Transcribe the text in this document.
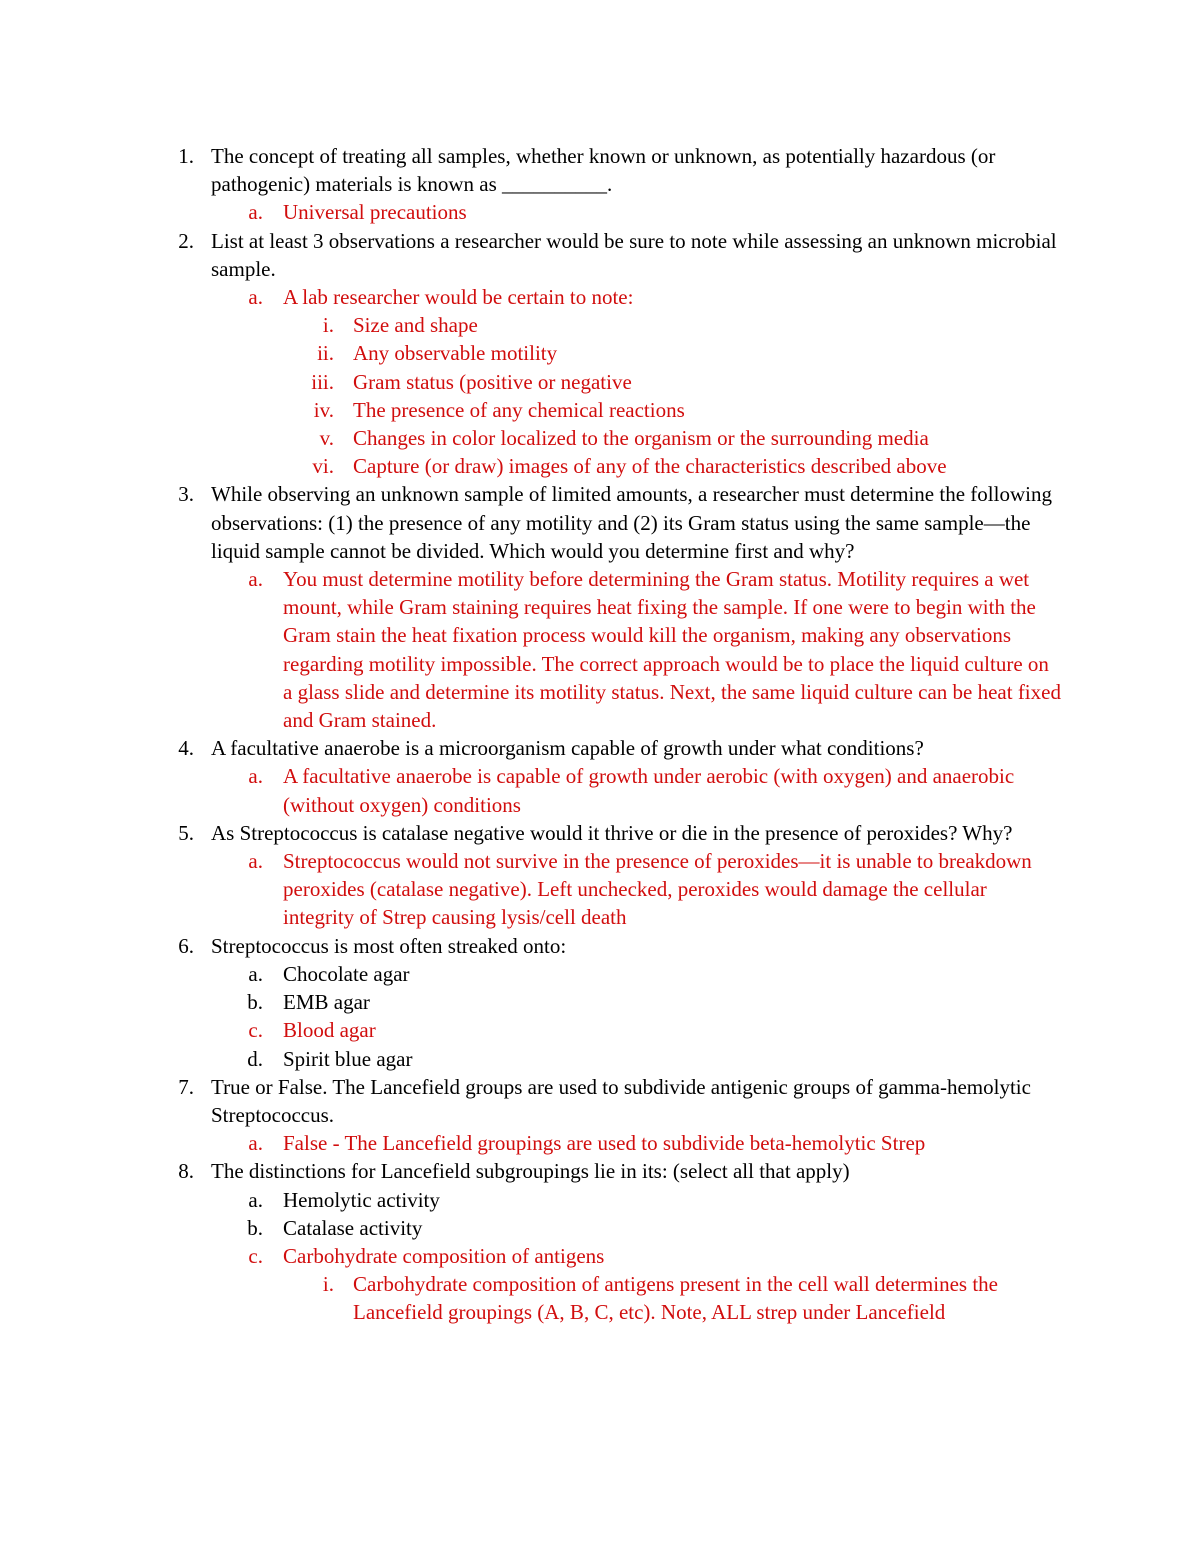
1. The concept of treating all samples, whether known or unknown, as potentially hazardous (or pathogenic) materials is known as __________.
a. Universal precautions
2. List at least 3 observations a researcher would be sure to note while assessing an unknown microbial sample.
a. A lab researcher would be certain to note:
i. Size and shape
ii. Any observable motility
iii. Gram status (positive or negative
iv. The presence of any chemical reactions
v. Changes in color localized to the organism or the surrounding media
vi. Capture (or draw) images of any of the characteristics described above
3. While observing an unknown sample of limited amounts, a researcher must determine the following observations: (1) the presence of any motility and (2) its Gram status using the same sample—the liquid sample cannot be divided. Which would you determine first and why?
a. You must determine motility before determining the Gram status. Motility requires a wet mount, while Gram staining requires heat fixing the sample. If one were to begin with the Gram stain the heat fixation process would kill the organism, making any observations regarding motility impossible. The correct approach would be to place the liquid culture on a glass slide and determine its motility status. Next, the same liquid culture can be heat fixed and Gram stained.
4. A facultative anaerobe is a microorganism capable of growth under what conditions?
a. A facultative anaerobe is capable of growth under aerobic (with oxygen) and anaerobic (without oxygen) conditions
5. As Streptococcus is catalase negative would it thrive or die in the presence of peroxides? Why?
a. Streptococcus would not survive in the presence of peroxides—it is unable to breakdown peroxides (catalase negative). Left unchecked, peroxides would damage the cellular integrity of Strep causing lysis/cell death
6. Streptococcus is most often streaked onto:
a. Chocolate agar
b. EMB agar
c. Blood agar
d. Spirit blue agar
7. True or False. The Lancefield groups are used to subdivide antigenic groups of gamma-hemolytic Streptococcus.
a. False - The Lancefield groupings are used to subdivide beta-hemolytic Strep
8. The distinctions for Lancefield subgroupings lie in its: (select all that apply)
a. Hemolytic activity
b. Catalase activity
c. Carbohydrate composition of antigens
i. Carbohydrate composition of antigens present in the cell wall determines the Lancefield groupings (A, B, C, etc). Note, ALL strep under Lancefield
